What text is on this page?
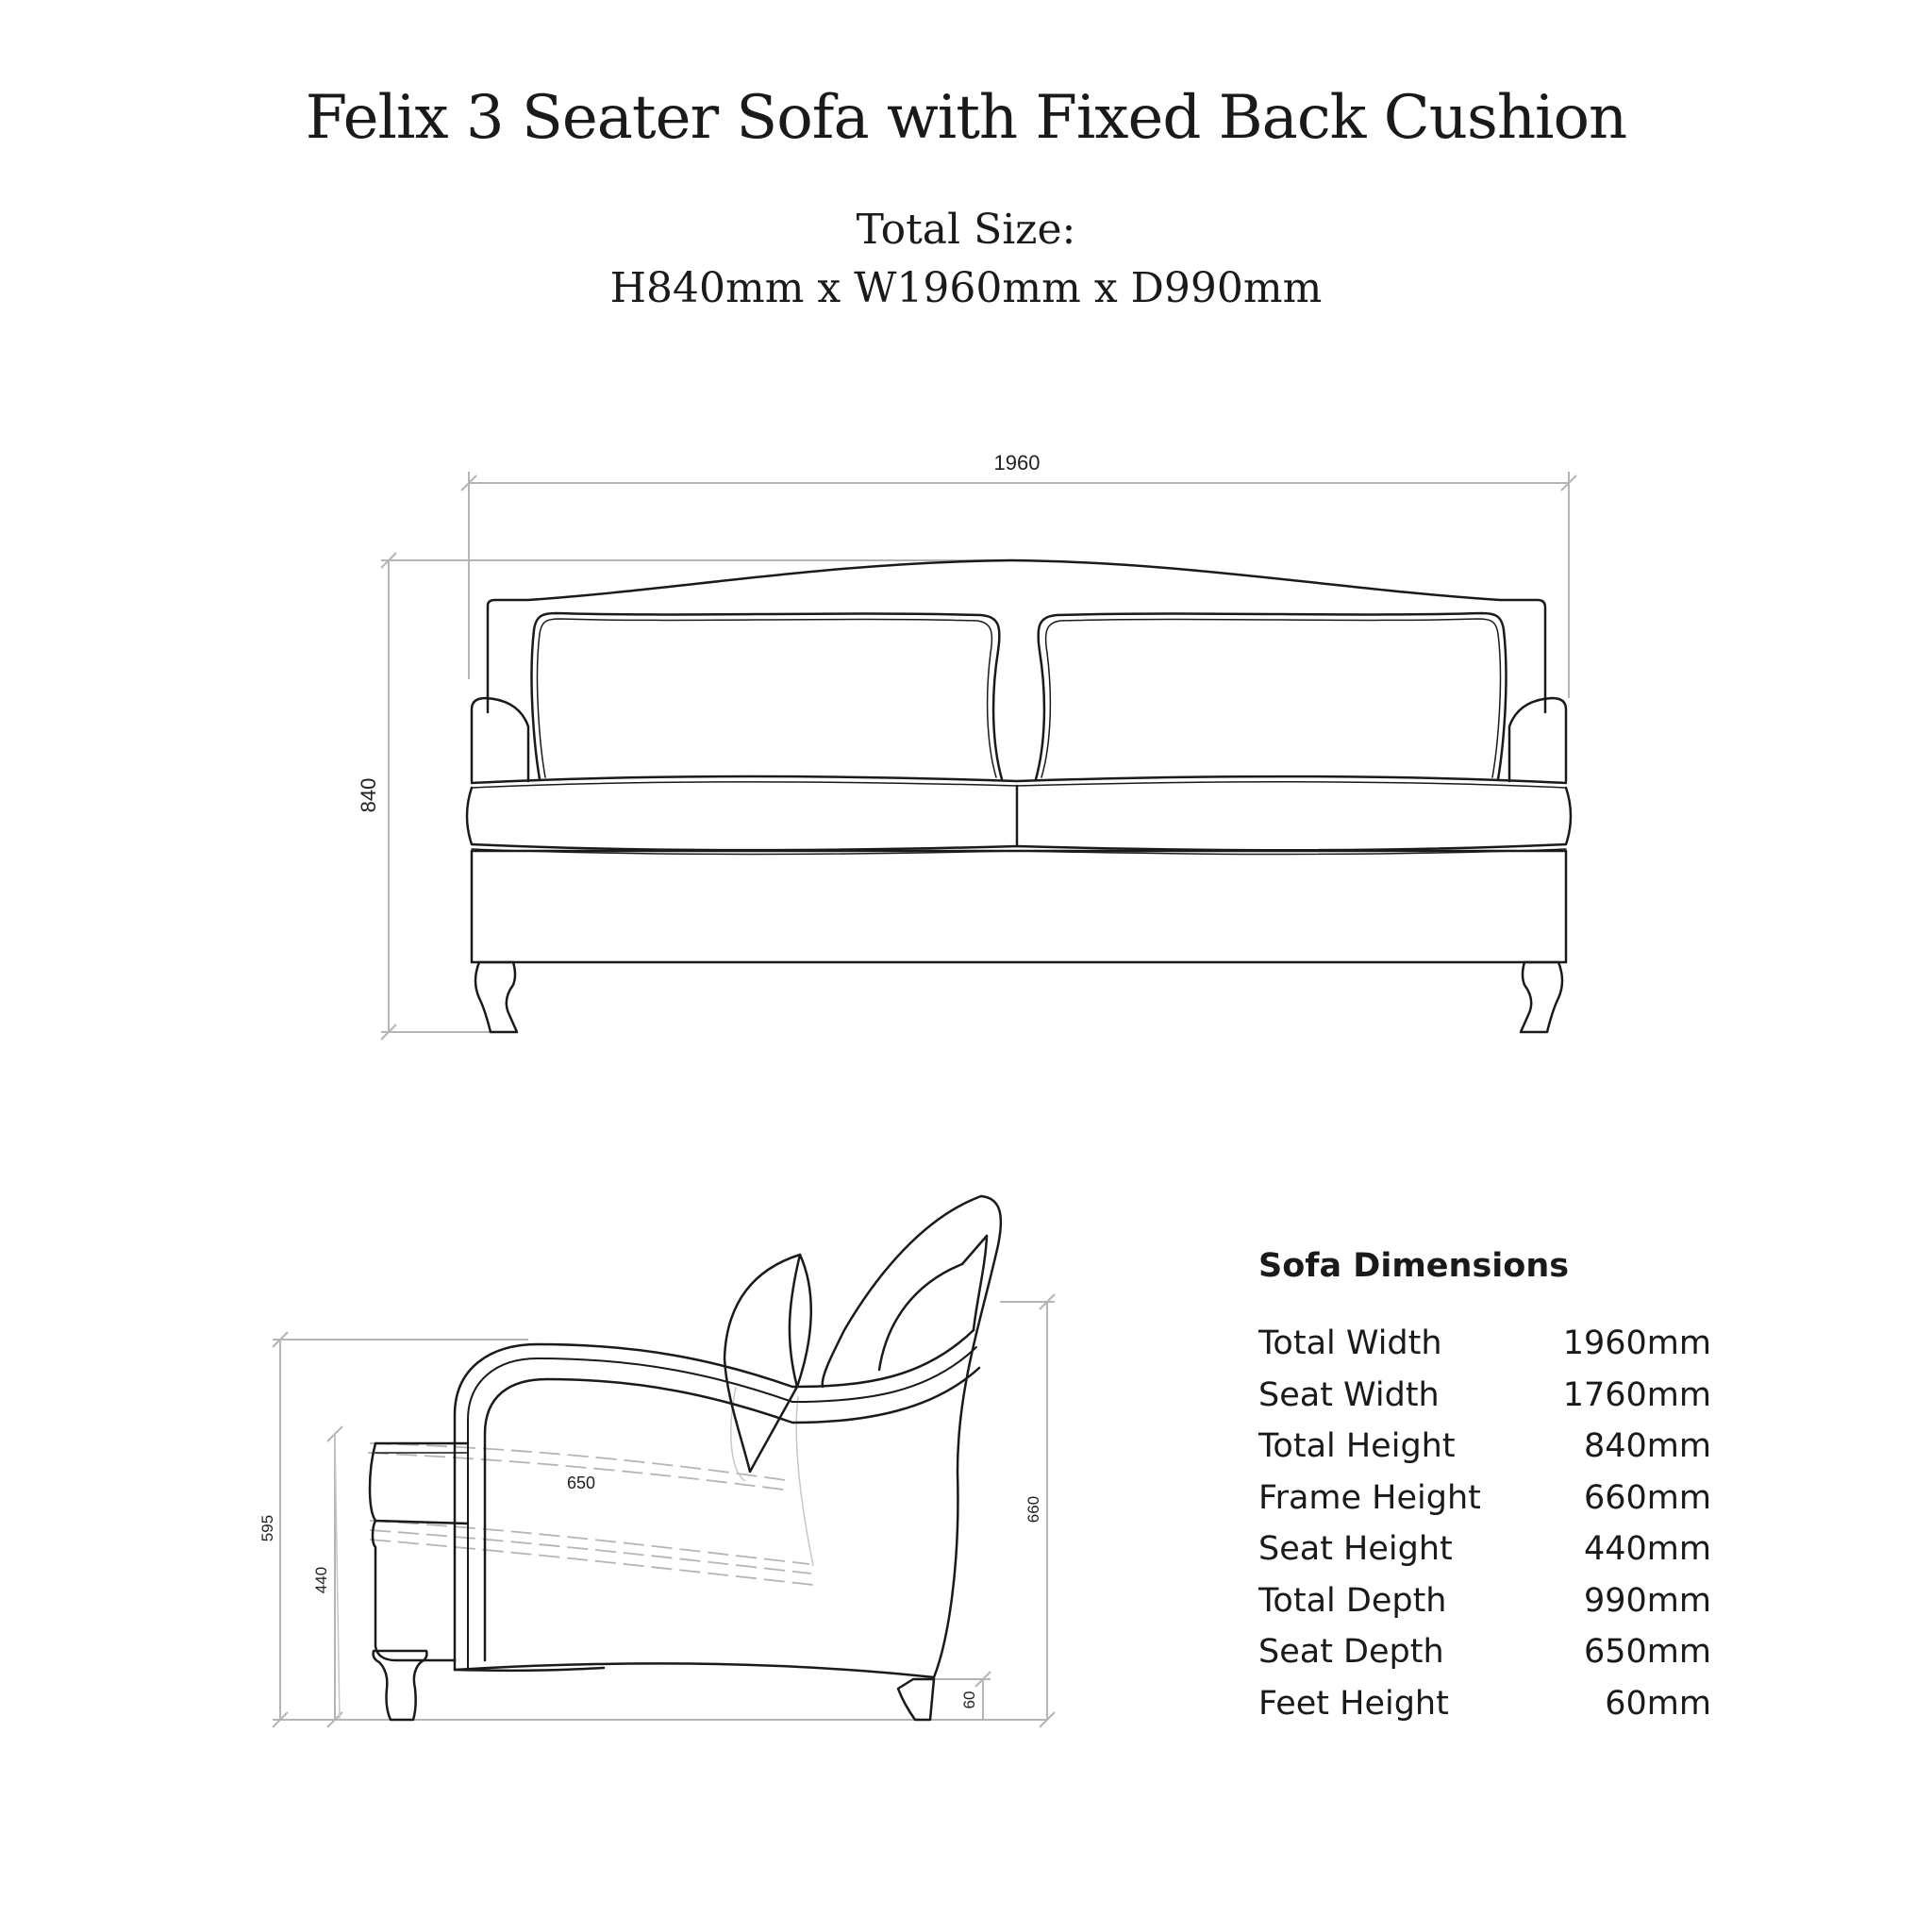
Felix 3 Seater Sofa with Fixed Back Cushion
Total Size:
H840mm x W1960mm x D990mm
1960
840
595
440
650
660
60
Sofa Dimensions
Total Width	1960mm
Seat Width	1760mm
Total Height	840mm
Frame Height	660mm
Seat Height	440mm
Total Depth	990mm
Seat Depth	650mm
Feet Height	60mm
